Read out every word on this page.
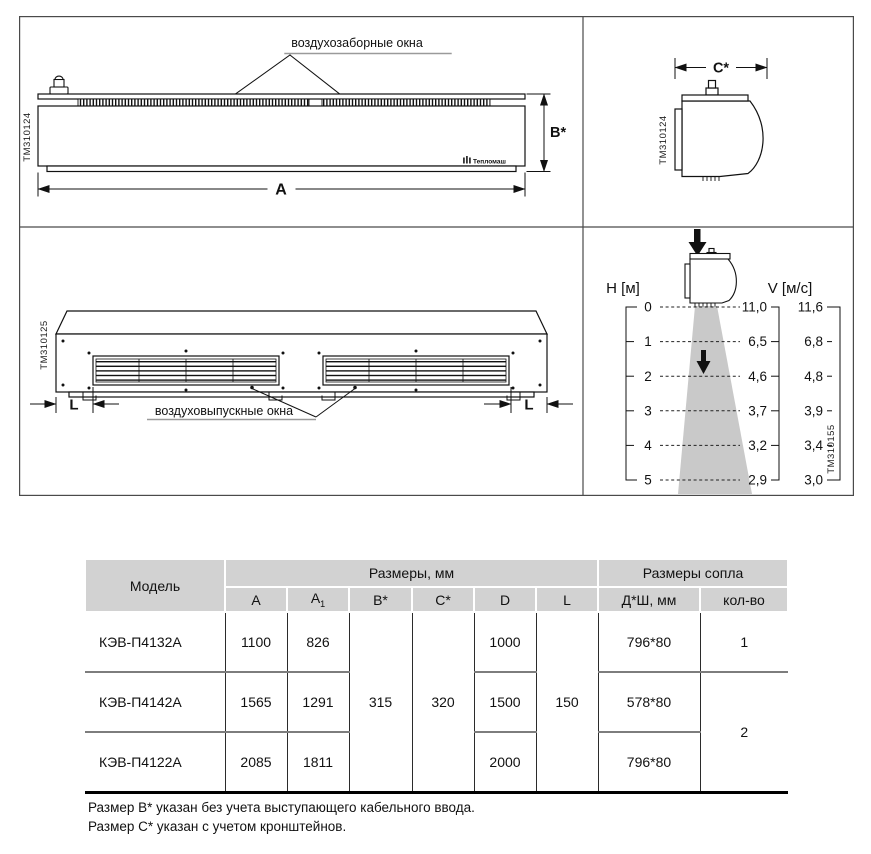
воздухозаборные окна
Тепломаш
B*
A
TM310124
C*
TM310124
L	L
воздуховыпускные окна
TM310125
H [м]	V [м/с]
0	11,0 11,6
1	6,5	6,8
2	4,6	4,8
3	3,7	3,9
4	3,2	3,4
5	2,9	3,0
TM310155
Модель	Размеры, мм						Размеры сопла	
	A	$A_1$	B*	C*	D	L	Д*Ш, мм	кол-во
КЭВ-П4132А	1100	826	315	320	1000	150	796*80	1
КЭВ-П4142А	1565	1291			1500		578*80	2
КЭВ-П4122А	2085	1811			2000		796*80	
Размер В* указан без учета выступающего кабельного ввода.
Размер С* указан с учетом кронштейнов.
